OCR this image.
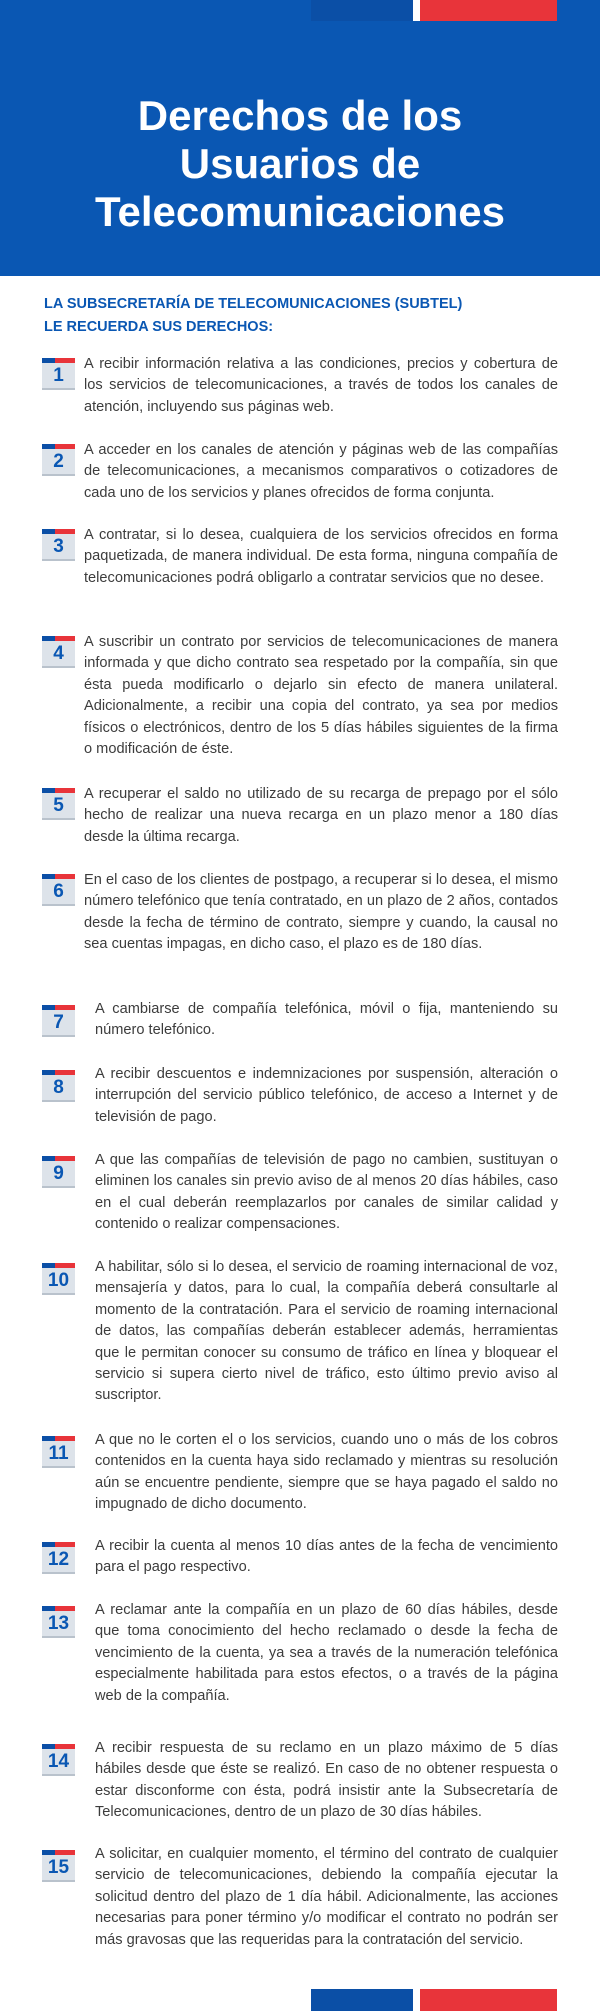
Derechos de los
Usuarios de
Telecomunicaciones
LA SUBSECRETARÍA DE TELECOMUNICACIONES (SUBTEL)
LE RECUERDA SUS DERECHOS:
1

A recibir información relativa a las condiciones, precios y cobertura de los servicios de telecomunicaciones, a través de todos los canales de atención, incluyendo sus páginas web.

2

A acceder en los canales de atención y páginas web de las compañías de telecomunicaciones, a mecanismos comparativos o cotizadores de cada uno de los servicios y planes ofrecidos de forma conjunta.

3

A contratar, si lo desea, cualquiera de los servicios ofrecidos en forma paquetizada, de manera individual. De esta forma, ninguna compañía de telecomunicaciones podrá obligarlo a contratar servicios que no desee.

4

A suscribir un contrato por servicios de telecomunicaciones de manera informada y que dicho contrato sea respetado por la compañía, sin que ésta pueda modificarlo o dejarlo sin efecto de manera unilateral. Adicionalmente, a recibir una copia del contrato, ya sea por medios físicos o electrónicos, dentro de los 5 días hábiles siguientes de la firma o modificación de éste.

5

A recuperar el saldo no utilizado de su recarga de prepago por el sólo hecho de realizar una nueva recarga en un plazo menor a 180 días desde la última recarga.

6

En el caso de los clientes de postpago, a recuperar si lo desea, el mismo número telefónico que tenía contratado, en un plazo de 2 años, contados desde la fecha de término de contrato, siempre y cuando, la causal no sea cuentas impagas, en dicho caso, el plazo es de 180 días.

7

A cambiarse de compañía telefónica, móvil o fija, manteniendo su número telefónico.

8

A recibir descuentos e indemnizaciones por suspensión, alteración o interrupción del servicio público telefónico, de acceso a Internet y de televisión de pago.

9

A que las compañías de televisión de pago no cambien, sustituyan o eliminen los canales sin previo aviso de al menos 20 días hábiles, caso en el cual deberán reemplazarlos por canales de similar calidad y contenido o realizar compensaciones.

10

A habilitar, sólo si lo desea, el servicio de roaming internacional de voz, mensajería y datos, para lo cual, la compañía deberá consultarle al momento de la contratación. Para el servicio de roaming internacional de datos, las compañías deberán establecer además, herramientas que le permitan conocer su consumo de tráfico en línea y bloquear el servicio si supera cierto nivel de tráfico, esto último previo aviso al suscriptor.

11

A que no le corten el o los servicios, cuando uno o más de los cobros contenidos en la cuenta haya sido reclamado y mientras su resolución aún se encuentre pendiente, siempre que se haya pagado el saldo no impugnado de dicho documento.

12

A recibir la cuenta al menos 10 días antes de la fecha de vencimiento para el pago respectivo.

13

A reclamar ante la compañía en un plazo de 60 días hábiles, desde que toma conocimiento del hecho reclamado o desde la fecha de vencimiento de la cuenta, ya sea a través de la numeración telefónica especialmente habilitada para estos efectos, o a través de la página web de la compañía.

14

A recibir respuesta de su reclamo en un plazo máximo de 5 días hábiles desde que éste se realizó. En caso de no obtener respuesta o estar disconforme con ésta, podrá insistir ante la Subsecretaría de Telecomunicaciones, dentro de un plazo de 30 días hábiles.

15

A solicitar, en cualquier momento, el término del contrato de cualquier servicio de telecomunicaciones, debiendo la compañía ejecutar la solicitud dentro del plazo de 1 día hábil. Adicionalmente, las acciones necesarias para poner término y/o modificar el contrato no podrán ser más gravosas que las requeridas para la contratación del servicio.
